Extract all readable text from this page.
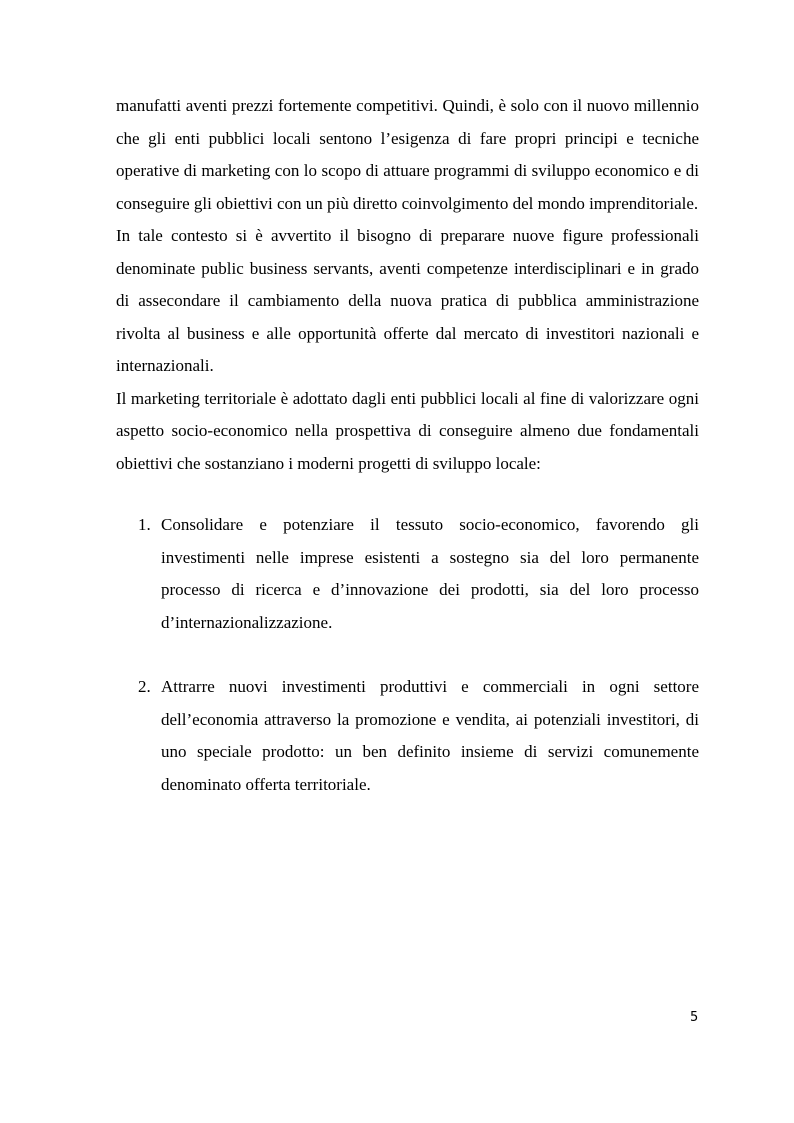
manufatti aventi prezzi fortemente competitivi. Quindi, è solo con il nuovo millennio che gli enti pubblici locali sentono l’esigenza di fare propri principi e tecniche operative di marketing con lo scopo di attuare programmi di sviluppo economico e di conseguire gli obiettivi con un più diretto coinvolgimento del mondo imprenditoriale.

In tale contesto si è avvertito il bisogno di preparare nuove figure professionali denominate public business servants, aventi competenze interdisciplinari e in grado di assecondare il cambiamento della nuova pratica di pubblica amministrazione rivolta al business e alle opportunità offerte dal mercato di investitori nazionali e internazionali.

Il marketing territoriale è adottato dagli enti pubblici locali al fine di valorizzare ogni aspetto socio-economico nella prospettiva di conseguire almeno due fondamentali obiettivi che sostanziano i moderni progetti di sviluppo locale:

1. Consolidare e potenziare il tessuto socio-economico, favorendo gli investimenti nelle imprese esistenti a sostegno sia del loro permanente processo di ricerca e d’innovazione dei prodotti, sia del loro processo d’internazionalizzazione.
2. Attrarre nuovi investimenti produttivi e commerciali in ogni settore dell’economia attraverso la promozione e vendita, ai potenziali investitori, di uno speciale prodotto: un ben definito insieme di servizi comunemente denominato offerta territoriale.
5
